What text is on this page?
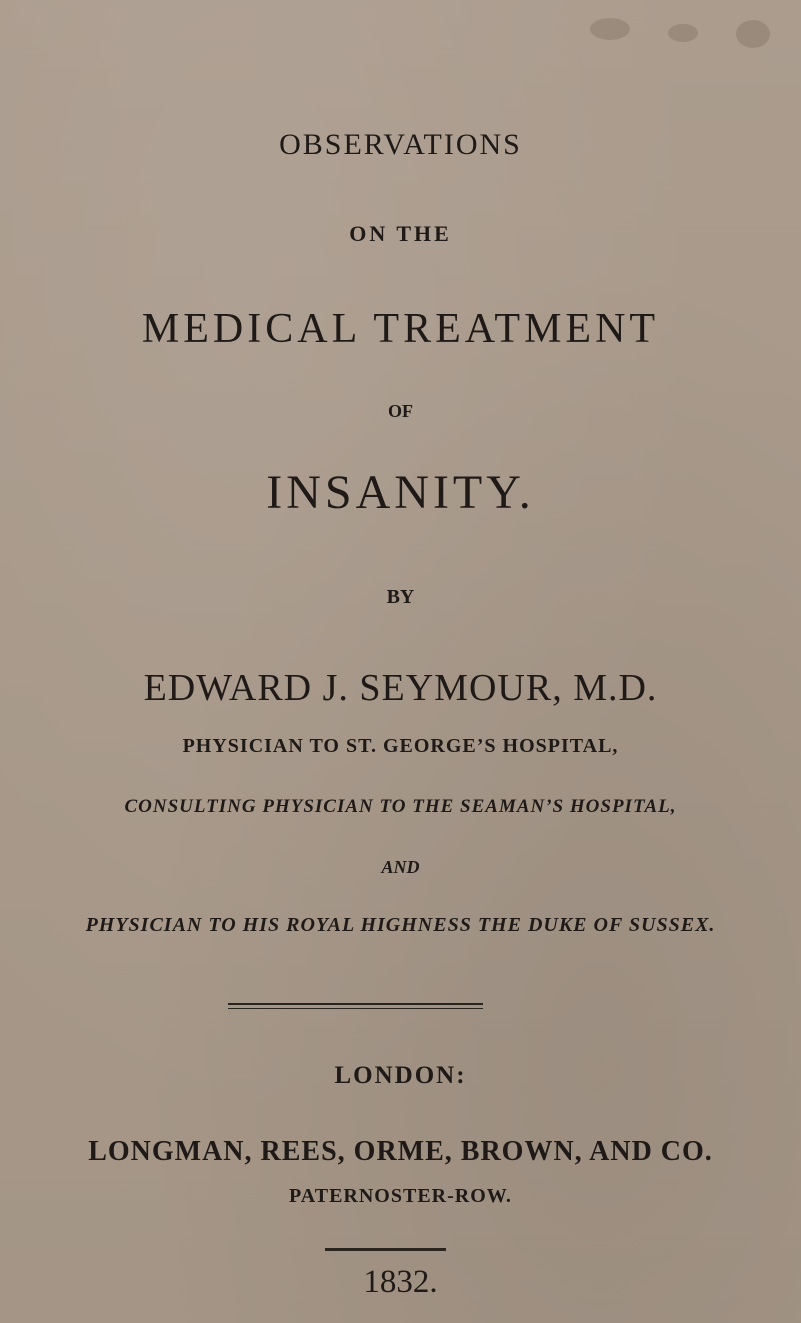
OBSERVATIONS
ON THE
MEDICAL TREATMENT
OF
INSANITY.
BY
EDWARD J. SEYMOUR, M.D.
PHYSICIAN TO ST. GEORGE’S HOSPITAL,
CONSULTING PHYSICIAN TO THE SEAMAN’S HOSPITAL,
AND
PHYSICIAN TO HIS ROYAL HIGHNESS THE DUKE OF SUSSEX.
LONDON:
LONGMAN, REES, ORME, BROWN, AND CO.
PATERNOSTER-ROW.
1832.
